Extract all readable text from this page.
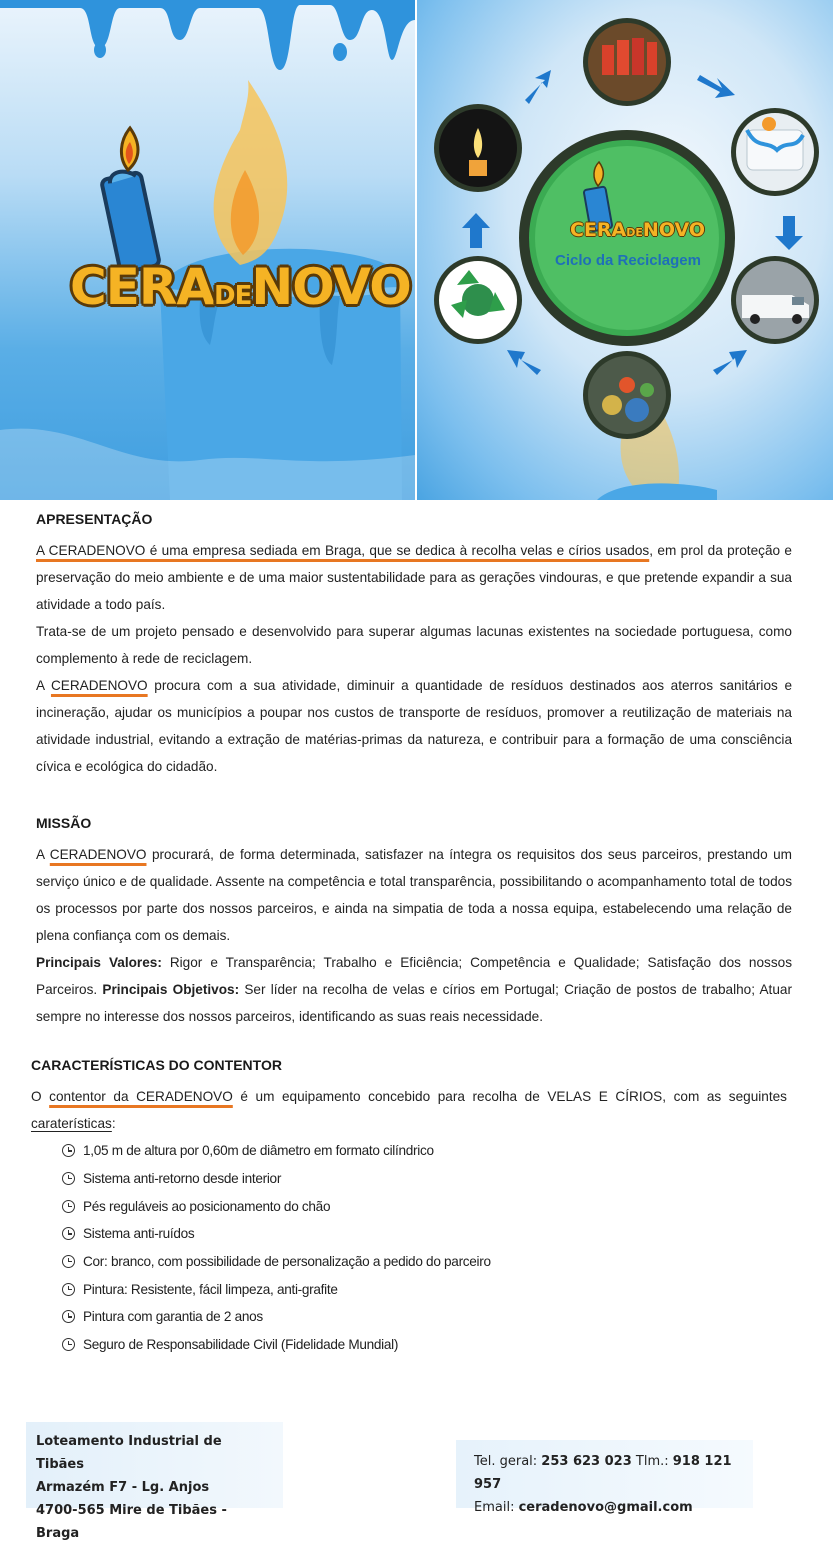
CERADENOVO
CERADENOVO
Ciclo da Reciclagem
APRESENTAÇÃO

A CERADENOVO é uma empresa sediada em Braga, que se dedica à recolha velas e círios usados, em prol da proteção e preservação do meio ambiente e de uma maior sustentabilidade para as gerações vindouras, e que pretende expandir a sua atividade a todo país.

Trata-se de um projeto pensado e desenvolvido para superar algumas lacunas existentes na sociedade portuguesa, como complemento à rede de reciclagem.

A CERADENOVO procura com a sua atividade, diminuir a quantidade de resíduos destinados aos aterros sanitários e incineração, ajudar os municípios a poupar nos custos de transporte de resíduos, promover a reutilização de materiais na atividade industrial, evitando a extração de matérias-primas da natureza, e contribuir para a formação de uma consciência cívica e ecológica do cidadão.

MISSÃO

A CERADENOVO procurará, de forma determinada, satisfazer na íntegra os requisitos dos seus parceiros, prestando um serviço único e de qualidade. Assente na competência e total transparência, possibilitando o acompanhamento total de todos os processos por parte dos nossos parceiros, e ainda na simpatia de toda a nossa equipa, estabelecendo uma relação de plena confiança com os demais.

Principais Valores: Rigor e Transparência; Trabalho e Eficiência; Competência e Qualidade; Satisfação dos nossos Parceiros. Principais Objetivos: Ser líder na recolha de velas e círios em Portugal; Criação de postos de trabalho; Atuar sempre no interesse dos nossos parceiros, identificando as suas reais necessidade.

CARACTERÍSTICAS DO CONTENTOR

O contentor da CERADENOVO é um equipamento concebido para recolha de VELAS E CÍRIOS, com as seguintes caraterísticas:

1,05 m de altura por 0,60m de diâmetro em formato cilíndrico
Sistema anti-retorno desde interior
Pés reguláveis ao posicionamento do chão
Sistema anti-ruídos
Cor: branco, com possibilidade de personalização a pedido do parceiro
Pintura: Resistente, fácil limpeza, anti-grafite
Pintura com garantia de 2 anos
Seguro de Responsabilidade Civil (Fidelidade Mundial)
Loteamento Industrial de Tibães
Armazém F7 - Lg. Anjos
4700-565 Mire de Tibães - Braga
Tel. geral: 253 623 023 Tlm.: 918 121 957
Email: ceradenovo@gmail.com
